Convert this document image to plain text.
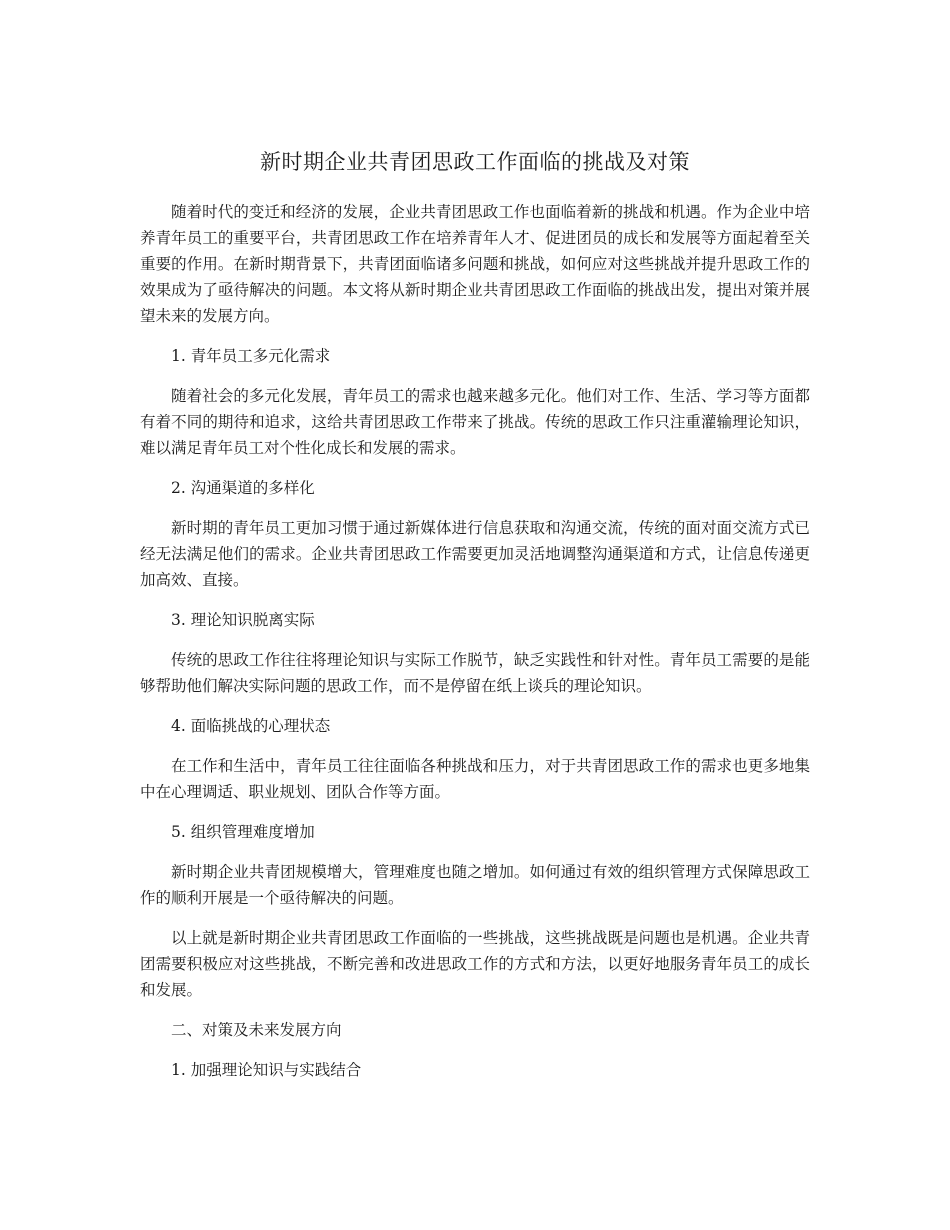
新时期企业共青团思政工作面临的挑战及对策

随着时代的变迁和经济的发展，企业共青团思政工作也面临着新的挑战和机遇。作为企业中培养青年员工的重要平台，共青团思政工作在培养青年人才、促进团员的成长和发展等方面起着至关重要的作用。在新时期背景下，共青团面临诸多问题和挑战，如何应对这些挑战并提升思政工作的效果成为了亟待解决的问题。本文将从新时期企业共青团思政工作面临的挑战出发，提出对策并展望未来的发展方向。

1. 青年员工多元化需求

随着社会的多元化发展，青年员工的需求也越来越多元化。他们对工作、生活、学习等方面都有着不同的期待和追求，这给共青团思政工作带来了挑战。传统的思政工作只注重灌输理论知识，难以满足青年员工对个性化成长和发展的需求。

2. 沟通渠道的多样化

新时期的青年员工更加习惯于通过新媒体进行信息获取和沟通交流，传统的面对面交流方式已经无法满足他们的需求。企业共青团思政工作需要更加灵活地调整沟通渠道和方式，让信息传递更加高效、直接。

3. 理论知识脱离实际

传统的思政工作往往将理论知识与实际工作脱节，缺乏实践性和针对性。青年员工需要的是能够帮助他们解决实际问题的思政工作，而不是停留在纸上谈兵的理论知识。

4. 面临挑战的心理状态

在工作和生活中，青年员工往往面临各种挑战和压力，对于共青团思政工作的需求也更多地集中在心理调适、职业规划、团队合作等方面。

5. 组织管理难度增加

新时期企业共青团规模增大，管理难度也随之增加。如何通过有效的组织管理方式保障思政工作的顺利开展是一个亟待解决的问题。

以上就是新时期企业共青团思政工作面临的一些挑战，这些挑战既是问题也是机遇。企业共青团需要积极应对这些挑战，不断完善和改进思政工作的方式和方法，以更好地服务青年员工的成长和发展。

二、对策及未来发展方向

1. 加强理论知识与实践结合
